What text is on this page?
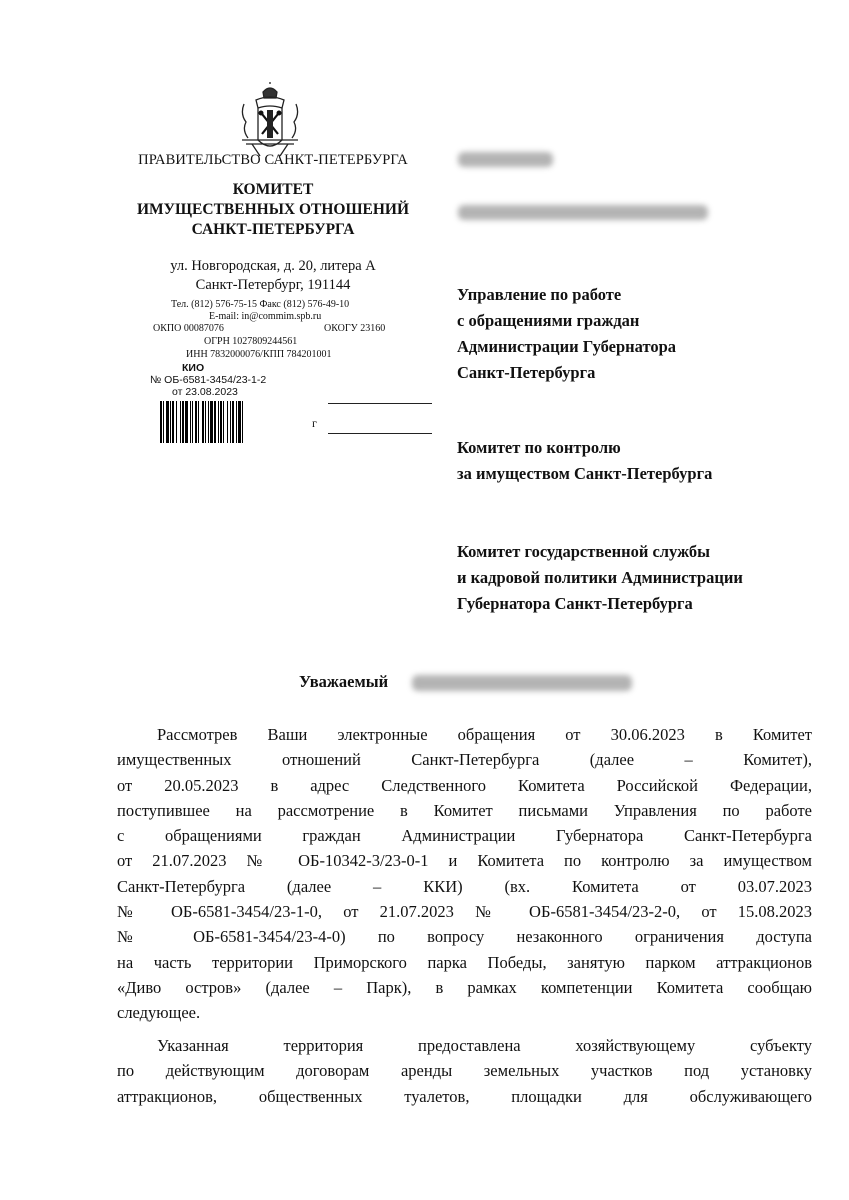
ПРАВИТЕЛЬСТВО САНКТ-ПЕТЕРБУРГА
КОМИТЕТ
ИМУЩЕСТВЕННЫХ ОТНОШЕНИЙ
САНКТ-ПЕТЕРБУРГА
ул. Новгородская, д. 20, литера А
Санкт-Петербург, 191144
Тел. (812) 576-75-15 Факс (812) 576-49-10
E-mail: in@commim.spb.ru
ОКПО 00087076	ОКОГУ 23160
ОГРН 1027809244561
ИНН 7832000076/КПП 784201001
КИО
№ ОБ-6581-3454/23-1-2
от 23.08.2023
г
Управление по работе
с обращениями граждан
Администрации Губернатора
Санкт-Петербурга
Комитет по контролю
за имуществом Санкт-Петербурга
Комитет государственной службы
и кадровой политики Администрации
Губернатора Санкт-Петербурга
Уважаемый
Рассмотрев Ваши электронные обращения от 30.06.2023 в Комитет
имущественных отношений Санкт-Петербурга (далее – Комитет),
от 20.05.2023 в адрес Следственного Комитета Российской Федерации,
поступившее на рассмотрение в Комитет письмами Управления по работе
с обращениями граждан Администрации Губернатора Санкт-Петербурга
от 21.07.2023 № ОБ-10342-3/23-0-1 и Комитета по контролю за имуществом
Санкт-Петербурга (далее – ККИ) (вх. Комитета от 03.07.2023
№ ОБ-6581-3454/23-1-0, от 21.07.2023 № ОБ-6581-3454/23-2-0, от 15.08.2023
№ ОБ-6581-3454/23-4-0) по вопросу незаконного ограничения доступа
на часть территории Приморского парка Победы, занятую парком аттракционов
«Диво остров» (далее – Парк), в рамках компетенции Комитета сообщаю
следующее.
Указанная территория предоставлена хозяйствующему субъекту
по действующим договорам аренды земельных участков под установку
аттракционов, общественных туалетов, площадки для обслуживающего
